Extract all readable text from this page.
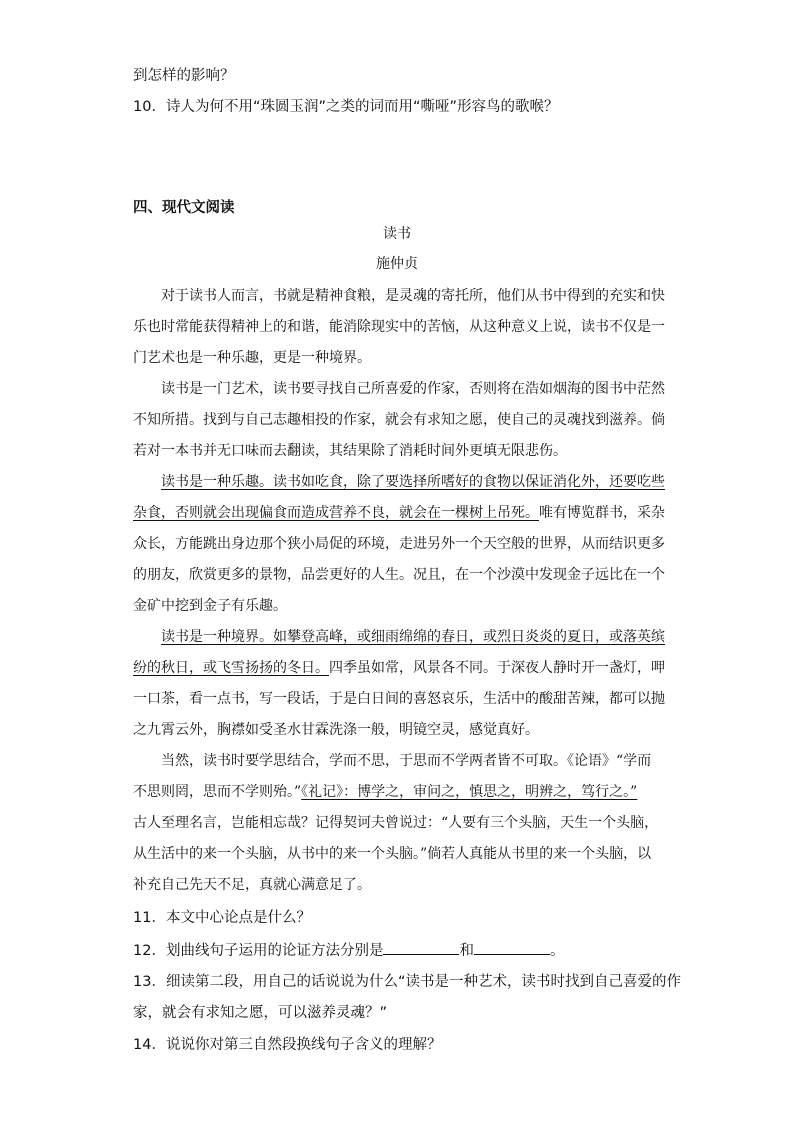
到怎样的影响？
10．诗人为何不用“珠圆玉润”之类的词而用“嘶哑”形容鸟的歌喉？
四、现代文阅读
读书
施仲贞
对于读书人而言，书就是精神食粮，是灵魂的寄托所，他们从书中得到的充实和快
乐也时常能获得精神上的和谐，能消除现实中的苦恼，从这种意义上说，读书不仅是一
门艺术也是一种乐趣，更是一种境界。
读书是一门艺术，读书要寻找自己所喜爱的作家，否则将在浩如烟海的图书中茫然
不知所措。找到与自己志趣相投的作家，就会有求知之愿，使自己的灵魂找到滋养。倘
若对一本书并无口味而去翻读，其结果除了消耗时间外更填无限悲伤。
读书是一种乐趣。读书如吃食，除了要选择所嗜好的食物以保证消化外，还要吃些
杂食，否则就会出现偏食而造成营养不良，就会在一棵树上吊死。唯有博览群书，采杂
众长，方能跳出身边那个狭小局促的环境，走进另外一个天空般的世界，从而结识更多
的朋友，欣赏更多的景物，品尝更好的人生。况且，在一个沙漠中发现金子远比在一个
金矿中挖到金子有乐趣。
读书是一种境界。如攀登高峰，或细雨绵绵的春日，或烈日炎炎的夏日，或落英缤
纷的秋日，或飞雪扬扬的冬日。四季虽如常，风景各不同。于深夜人静时开一盏灯，呷
一口茶，看一点书，写一段话，于是白日间的喜怒哀乐，生活中的酸甜苦辣，都可以抛
之九霄云外，胸襟如受圣水甘霖洗涤一般，明镜空灵，感觉真好。
当然，读书时要学思结合，学而不思，于思而不学两者皆不可取。《论语》“学而
不思则罔，思而不学则殆。”《礼记》：博学之，审问之，慎思之，明辨之，笃行之。”
古人至理名言，岂能相忘哉？记得契诃夫曾说过：“人要有三个头脑，天生一个头脑，
从生活中的来一个头脑，从书中的来一个头脑。”倘若人真能从书里的来一个头脑，以
补充自己先天不足，真就心满意足了。
11．本文中心论点是什么？
12．划曲线句子运用的论证方法分别是	和	。
13．细读第二段，用自己的话说说为什么“读书是一种艺术，读书时找到自己喜爱的作
家，就会有求知之愿，可以滋养灵魂？”
14．说说你对第三自然段换线句子含义的理解？
